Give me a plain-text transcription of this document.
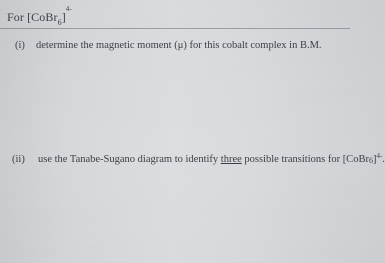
For [CoBr$_6$]$^{4-}$
(i) determine the magnetic moment (μ) for this cobalt complex in B.M.
(ii) use the Tanabe-Sugano diagram to identify three possible transitions for [CoBr6]$^{4-}$.
